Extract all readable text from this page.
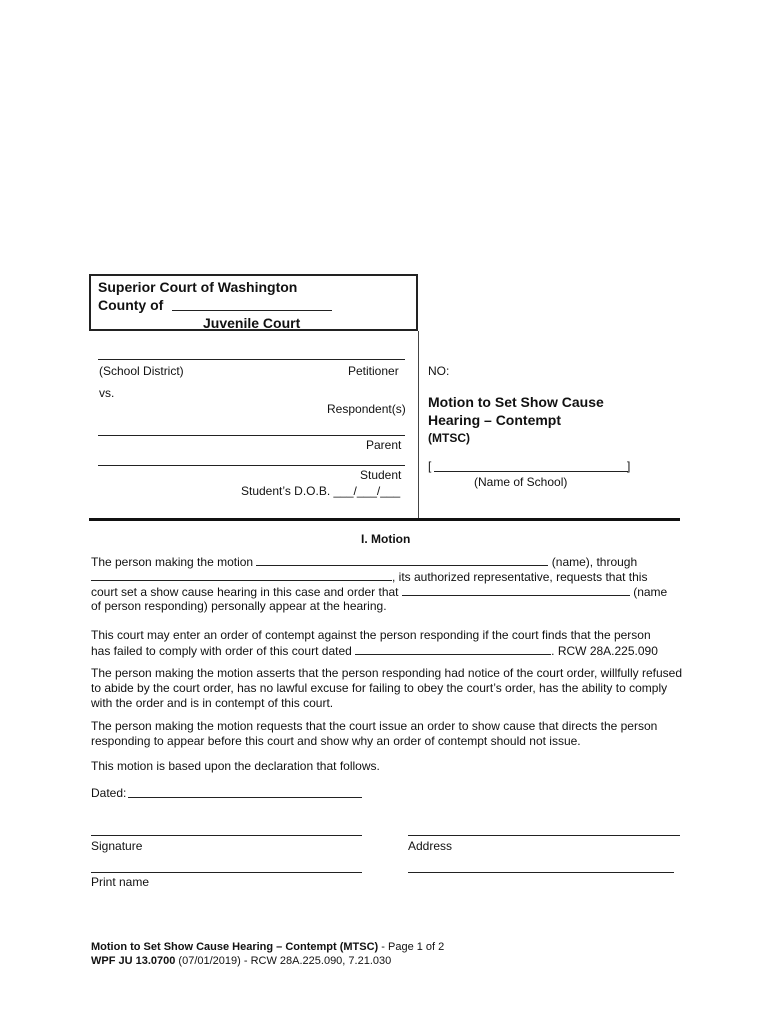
Superior Court of Washington
County of
Juvenile Court
(School District)	Petitioner
vs.
Respondent(s)
Parent
Student
Student’s D.O.B. ___/___/___
NO:
Motion to Set Show Cause
Hearing – Contempt
(MTSC)
[	]
(Name of School)
I. Motion
The person making the motion	(name), through
, its authorized representative, requests that this
court set a show cause hearing in this case and order that	(name
of person responding) personally appear at the hearing.
This court may enter an order of contempt against the person responding if the court finds that the person
has failed to comply with order of this court dated	. RCW 28A.225.090
The person making the motion asserts that the person responding had notice of the court order, willfully refused to abide by the court order, has no lawful excuse for failing to obey the court’s order, has the ability to comply with the order and is in contempt of this court.
The person making the motion requests that the court issue an order to show cause that directs the person responding to appear before this court and show why an order of contempt should not issue.
This motion is based upon the declaration that follows.
Dated:
Signature	Address
Print name
Motion to Set Show Cause Hearing – Contempt (MTSC) - Page 1 of 2
WPF JU 13.0700 (07/01/2019) - RCW 28A.225.090, 7.21.030
